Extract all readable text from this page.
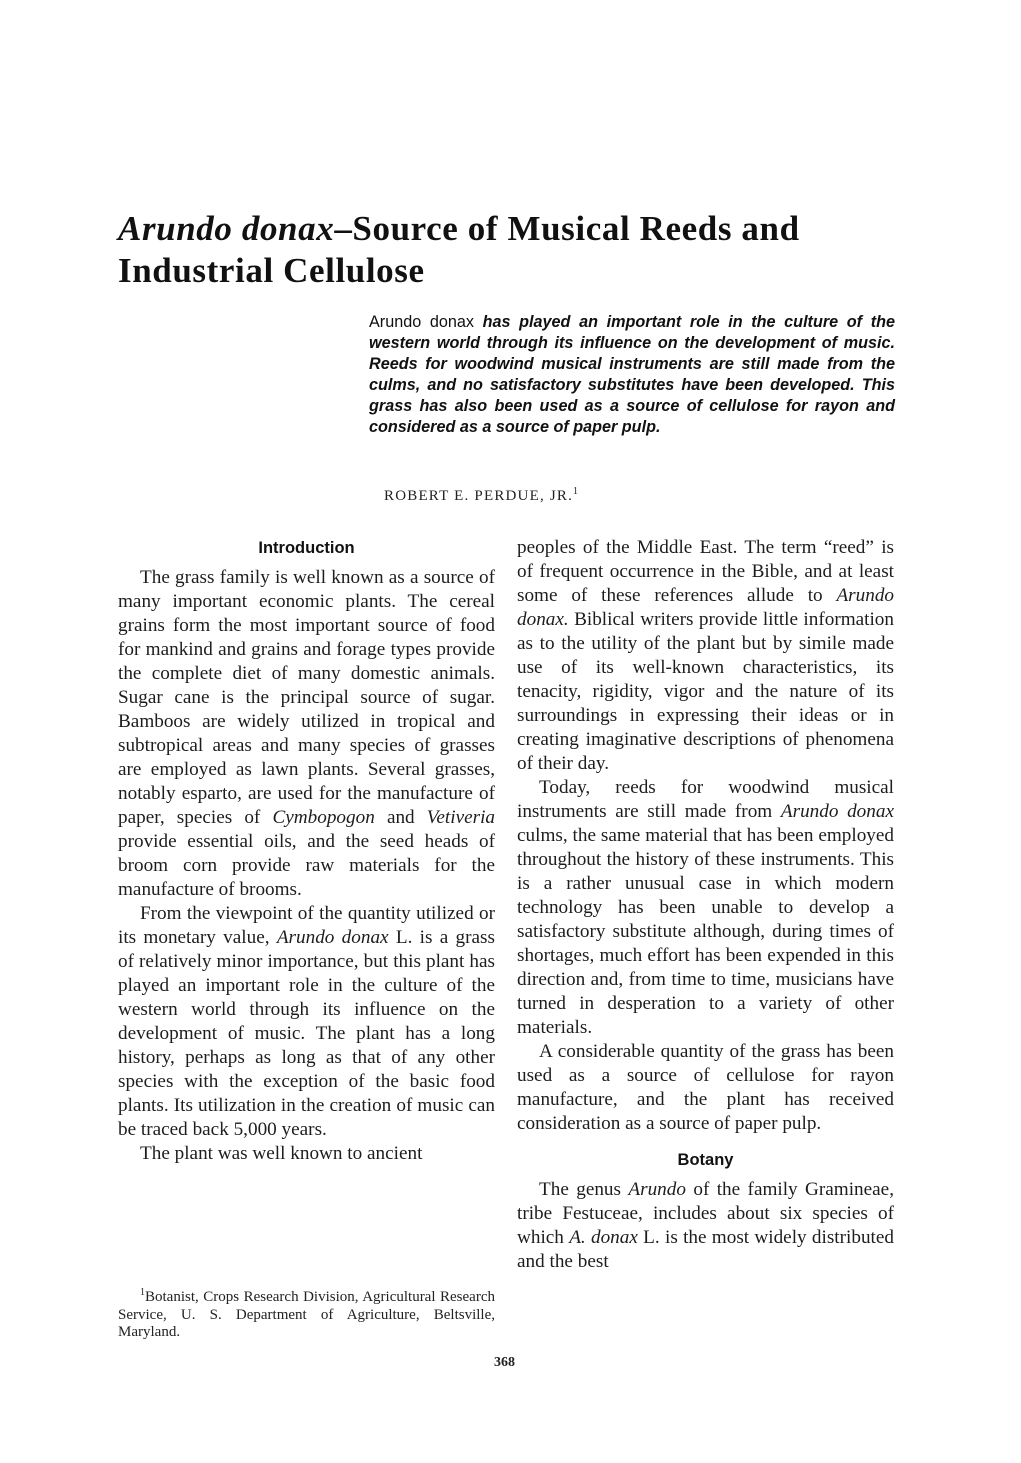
Arundo donax–Source of Musical Reeds and Industrial Cellulose

Arundo donax has played an important role in the culture of the western world through its influence on the development of music. Reeds for woodwind musical instruments are still made from the culms, and no satisfactory substitutes have been developed. This grass has also been used as a source of cellulose for rayon and considered as a source of paper pulp.

ROBERT E. PERDUE, JR.$^1$

Introduction

The grass family is well known as a source of many important economic plants. The cereal grains form the most important source of food for mankind and grains and forage types provide the complete diet of many domestic animals. Sugar cane is the principal source of sugar. Bamboos are widely utilized in tropical and subtropical areas and many species of grasses are employed as lawn plants. Several grasses, notably esparto, are used for the manufacture of paper, species of Cymbopogon and Vetiveria provide essential oils, and the seed heads of broom corn provide raw materials for the manufacture of brooms.

From the viewpoint of the quantity utilized or its monetary value, Arundo donax L. is a grass of relatively minor importance, but this plant has played an important role in the culture of the western world through its influence on the development of music. The plant has a long history, perhaps as long as that of any other species with the exception of the basic food plants. Its utilization in the creation of music can be traced back 5,000 years.

The plant was well known to ancient

$^1$Botanist, Crops Research Division, Agricultural Research Service, U. S. Department of Agriculture, Beltsville, Maryland.

peoples of the Middle East. The term “reed” is of frequent occurrence in the Bible, and at least some of these references allude to Arundo donax. Biblical writers provide little information as to the utility of the plant but by simile made use of its well-known characteristics, its tenacity, rigidity, vigor and the nature of its surroundings in expressing their ideas or in creating imaginative descriptions of phenomena of their day.

Today, reeds for woodwind musical instruments are still made from Arundo donax culms, the same material that has been employed throughout the history of these instruments. This is a rather unusual case in which modern technology has been unable to develop a satisfactory substitute although, during times of shortages, much effort has been expended in this direction and, from time to time, musicians have turned in desperation to a variety of other materials.

A considerable quantity of the grass has been used as a source of cellulose for rayon manufacture, and the plant has received consideration as a source of paper pulp.

Botany

The genus Arundo of the family Gramineae, tribe Festuceae, includes about six species of which A. donax L. is the most widely distributed and the best

368
